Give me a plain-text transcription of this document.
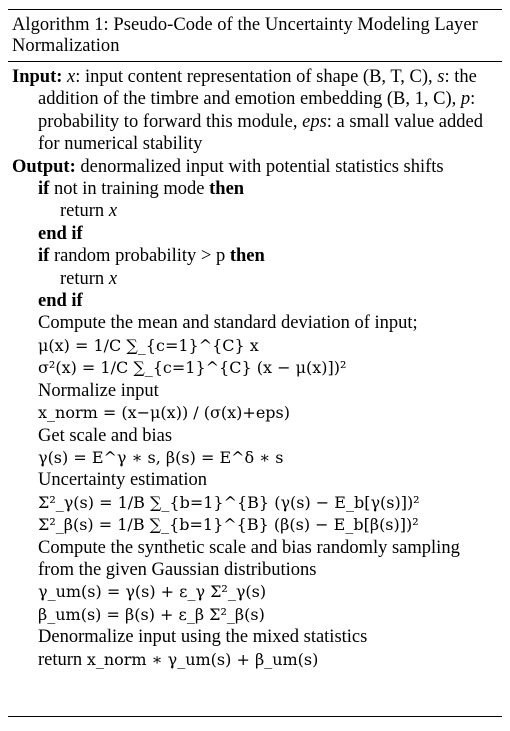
Algorithm 1: Pseudo-Code of the Uncertainty Modeling Layer Normalization
Input: x: input content representation of shape (B, T, C), s: the addition of the timbre and emotion embedding (B, 1, C), p: probability to forward this module, eps: a small value added for numerical stability
Output: denormalized input with potential statistics shifts
if not in training mode then
return x
end if
if random probability > p then
return x
end if
Compute the mean and standard deviation of input;
μ(x) = 1/C ∑_{c=1}^{C} x
σ²(x) = 1/C ∑_{c=1}^{C} (x − μ(x)])²
Normalize input
x_norm = (x−μ(x)) / (σ(x)+eps)
Get scale and bias
γ(s) = E^γ ∗ s, β(s) = E^δ ∗ s
Uncertainty estimation
Σ²_γ(s) = 1/B ∑_{b=1}^{B} (γ(s) − E_b[γ(s)])²
Σ²_β(s) = 1/B ∑_{b=1}^{B} (β(s) − E_b[β(s)])²
Compute the synthetic scale and bias randomly sampling
from the given Gaussian distributions
γ_um(s) = γ(s) + ε_γ Σ²_γ(s)
β_um(s) = β(s) + ε_β Σ²_β(s)
Denormalize input using the mixed statistics
return x_norm ∗ γ_um(s) + β_um(s)
